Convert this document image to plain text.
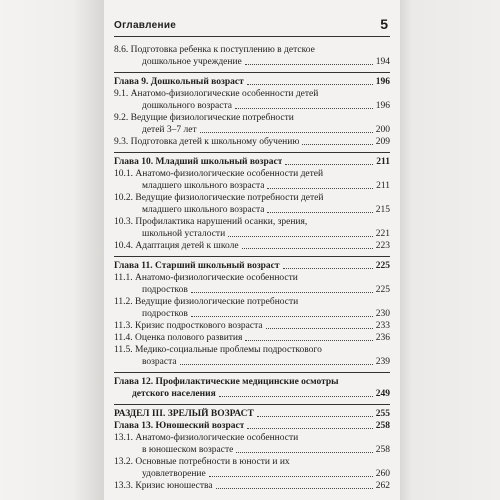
Оглавление	5
8.6.
Подготовка ребенка к поступлению в детское
дошкольное учреждение	194
Глава 9. Дошкольный возраст	196
9.1.
Анатомо-физиологические особенности детей
дошкольного возраста	196
9.2.
Ведущие физиологические потребности
детей 3–7 лет	200
9.3.
Подготовка детей к школьному обучению	209
Глава 10. Младший школьный возраст	211
10.1.
Анатомо-физиологические особенности детей
младшего школьного возраста	211
10.2.
Ведущие физиологические потребности детей
младшего школьного возраста	215
10.3.
Профилактика нарушений осанки, зрения,
школьной усталости	221
10.4.
Адаптация детей к школе	223
Глава 11. Старший школьный возраст	225
11.1.
Анатомо-физиологические особенности
подростков	225
11.2.
Ведущие физиологические потребности
подростков	230
11.3.
Кризис подросткового возраста	233
11.4.
Оценка полового развития	236
11.5.
Медико-социальные проблемы подросткового
возраста	239
Глава 12. Профилактические медицинские осмотры
детского населения	249
РАЗДЕЛ III. ЗРЕЛЫЙ ВОЗРАСТ	255
Глава 13. Юношеский возраст	258
13.1.
Анатомо-физиологические особенности
в юношеском возрасте	258
13.2.
Основные потребности в юности и их
удовлетворение	260
13.3.
Кризис юношества	262
